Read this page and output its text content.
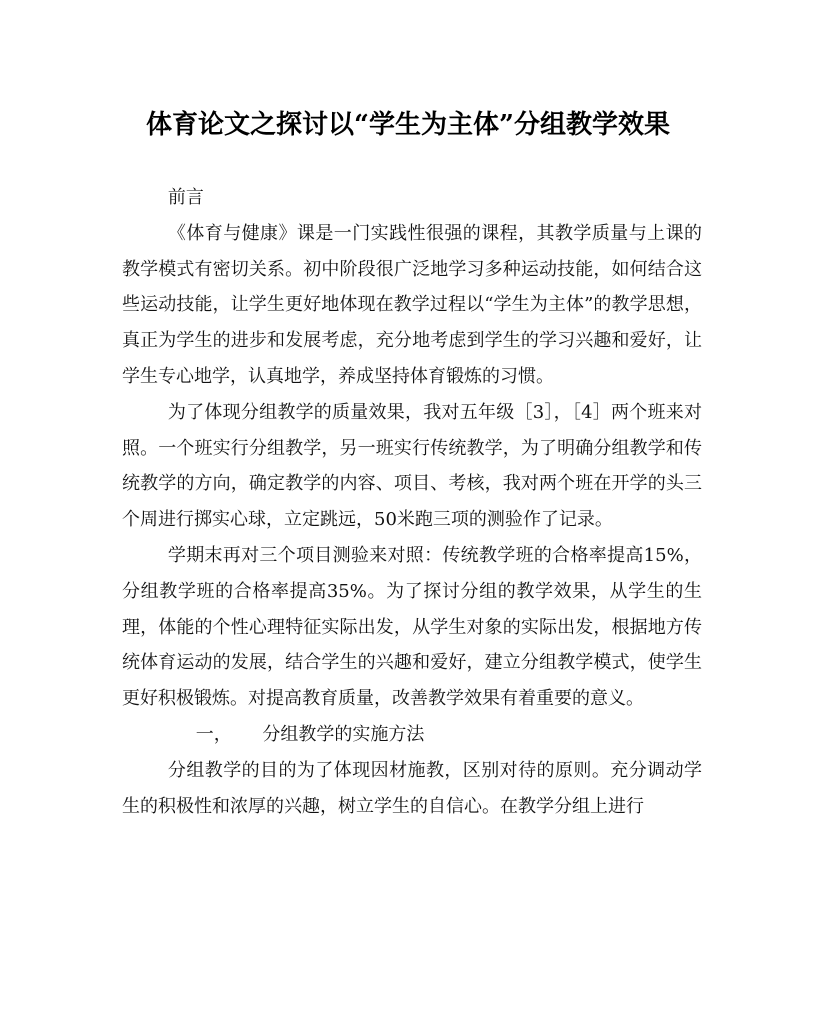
体育论文之探讨以“学生为主体”分组教学效果

前言

《体育与健康》课是一门实践性很强的课程，其教学质量与上课的教学模式有密切关系。初中阶段很广泛地学习多种运动技能，如何结合这些运动技能，让学生更好地体现在教学过程以“学生为主体”的教学思想，真正为学生的进步和发展考虑，充分地考虑到学生的学习兴趣和爱好，让学生专心地学，认真地学，养成坚持体育锻炼的习惯。

为了体现分组教学的质量效果，我对五年级［3］，［4］两个班来对照。一个班实行分组教学，另一班实行传统教学，为了明确分组教学和传统教学的方向，确定教学的内容、项目、考核，我对两个班在开学的头三个周进行掷实心球，立定跳远，50米跑三项的测验作了记录。

学期末再对三个项目测验来对照：传统教学班的合格率提高15%，分组教学班的合格率提高35%。为了探讨分组的教学效果，从学生的生理，体能的个性心理特征实际出发，从学生对象的实际出发，根据地方传统体育运动的发展，结合学生的兴趣和爱好，建立分组教学模式，使学生更好积极锻炼。对提高教育质量，改善教学效果有着重要的意义。

一， 分组教学的实施方法

分组教学的目的为了体现因材施教，区别对待的原则。充分调动学生的积极性和浓厚的兴趣，树立学生的自信心。在教学分组上进行
